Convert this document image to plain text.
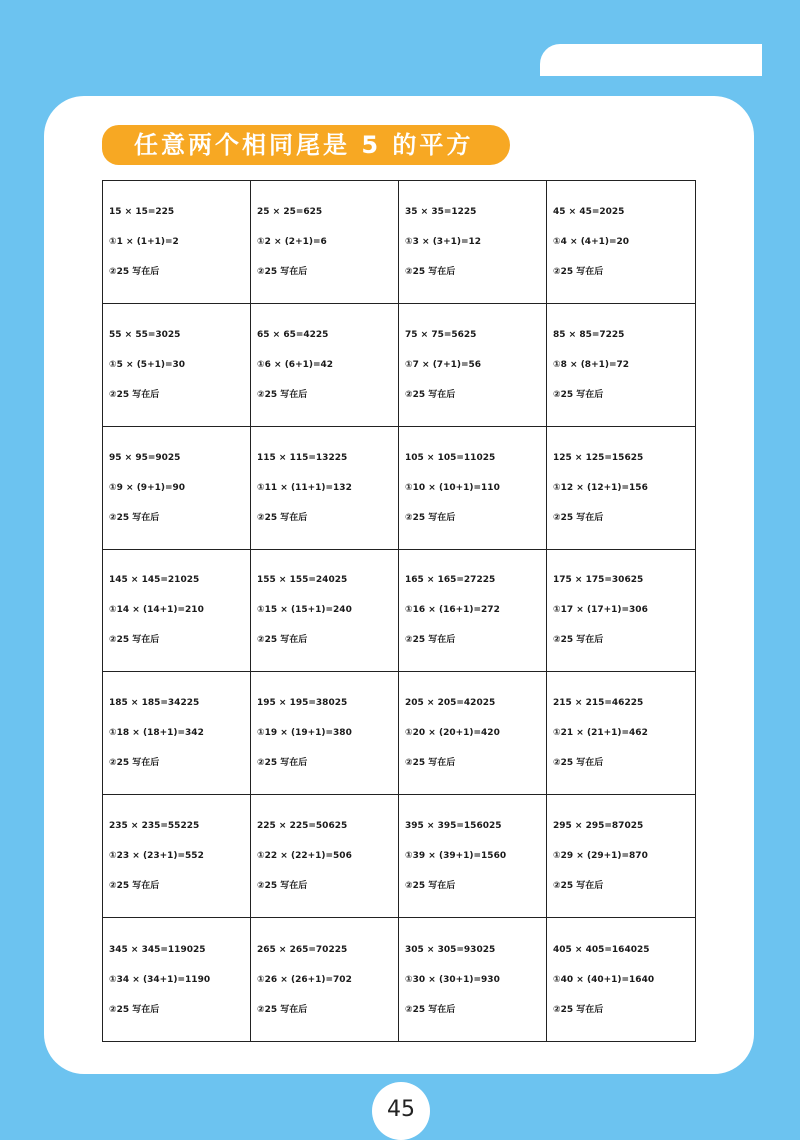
任意两个相同尾是 5 的平方
15 × 15=225
①1 × (1+1)=2
②25 写在后
25 × 25=625
①2 × (2+1)=6
②25 写在后
35 × 35=1225
①3 × (3+1)=12
②25 写在后
45 × 45=2025
①4 × (4+1)=20
②25 写在后
55 × 55=3025
①5 × (5+1)=30
②25 写在后
65 × 65=4225
①6 × (6+1)=42
②25 写在后
75 × 75=5625
①7 × (7+1)=56
②25 写在后
85 × 85=7225
①8 × (8+1)=72
②25 写在后
95 × 95=9025
①9 × (9+1)=90
②25 写在后
115 × 115=13225
①11 × (11+1)=132
②25 写在后
105 × 105=11025
①10 × (10+1)=110
②25 写在后
125 × 125=15625
①12 × (12+1)=156
②25 写在后
145 × 145=21025
①14 × (14+1)=210
②25 写在后
155 × 155=24025
①15 × (15+1)=240
②25 写在后
165 × 165=27225
①16 × (16+1)=272
②25 写在后
175 × 175=30625
①17 × (17+1)=306
②25 写在后
185 × 185=34225
①18 × (18+1)=342
②25 写在后
195 × 195=38025
①19 × (19+1)=380
②25 写在后
205 × 205=42025
①20 × (20+1)=420
②25 写在后
215 × 215=46225
①21 × (21+1)=462
②25 写在后
235 × 235=55225
①23 × (23+1)=552
②25 写在后
225 × 225=50625
①22 × (22+1)=506
②25 写在后
395 × 395=156025
①39 × (39+1)=1560
②25 写在后
295 × 295=87025
①29 × (29+1)=870
②25 写在后
345 × 345=119025
①34 × (34+1)=1190
②25 写在后
265 × 265=70225
①26 × (26+1)=702
②25 写在后
305 × 305=93025
①30 × (30+1)=930
②25 写在后
405 × 405=164025
①40 × (40+1)=1640
②25 写在后
45
